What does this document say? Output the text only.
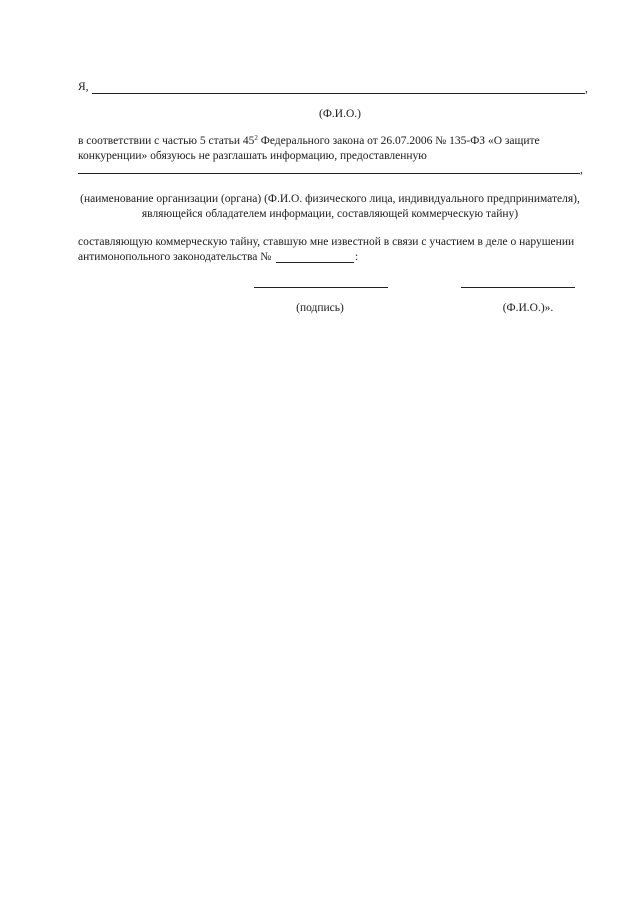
Я,	,
(Ф.И.О.)
в соответствии с частью 5 статьи $45^2$ Федерального закона от 26.07.2006 № 135-ФЗ «О защите
конкуренции» обязуюсь не разглашать информацию, предоставленную
,
(наименование организации (органа) (Ф.И.О. физического лица, индивидуального предпринимателя),
являющейся обладателем информации, составляющей коммерческую тайну)
составляющую коммерческую тайну, ставшую мне известной в связи с участием в деле о нарушении
антимонопольного законодательства №	:
(подпись)	(Ф.И.О.)».
